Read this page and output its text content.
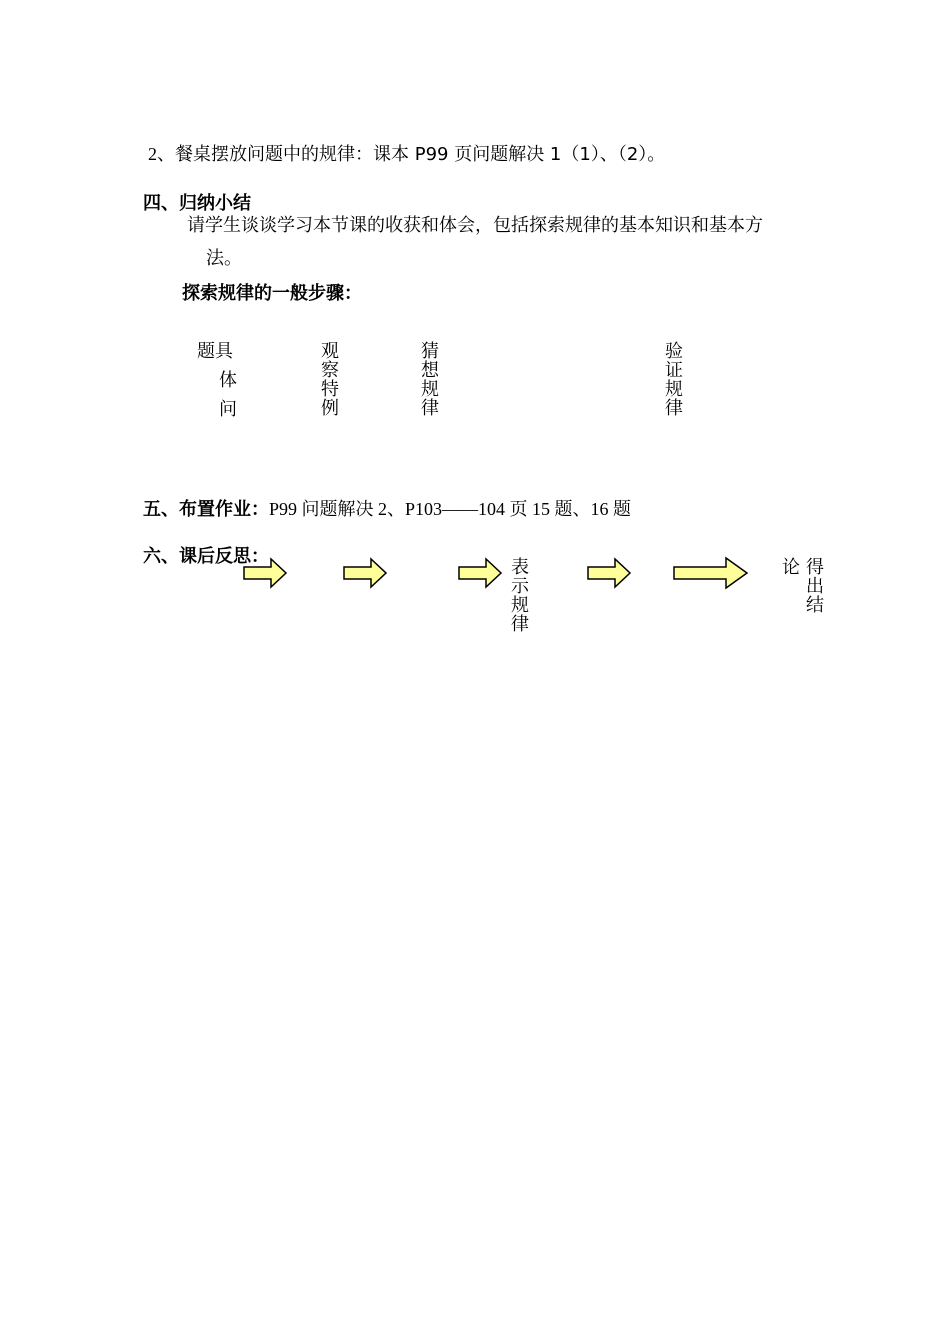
2、餐桌摆放问题中的规律：课本 P99 页问题解决 1（1）、（2）。
四、归纳小结
请学生谈谈学习本节课的收获和体会，包括探索规律的基本知识和基本方
法。
探索规律的一般步骤：
题具
体
问
观
察
特
例
猜
想
规
律
验
证
规
律
五、布置作业：P99 问题解决 2、P103——104 页 15 题、16 题
六、课后反思：
表
示
规
律
论 得
出
结
